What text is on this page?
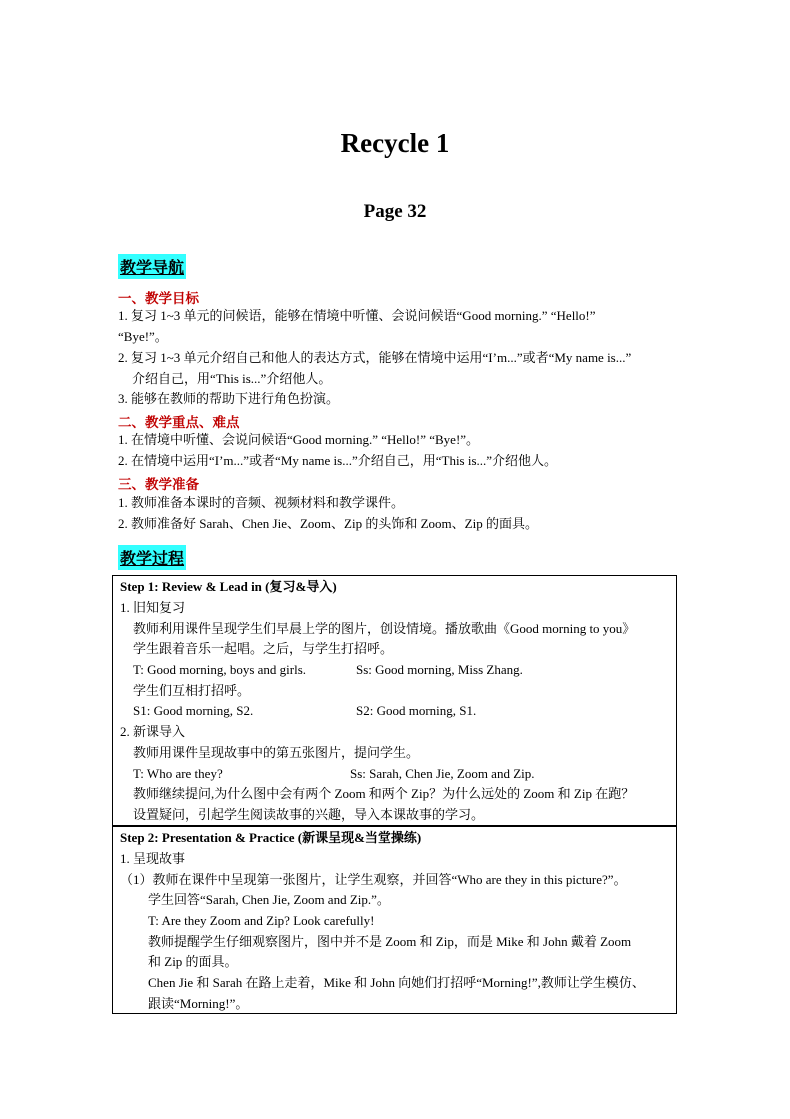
Recycle 1
Page 32
教学导航
一、教学目标
1. 复习 1~3 单元的问候语，能够在情境中听懂、会说问候语“Good morning.” “Hello!”
“Bye!”。
2. 复习 1~3 单元介绍自己和他人的表达方式，能够在情境中运用“I’m...”或者“My name is...”
介绍自己，用“This is...”介绍他人。
3. 能够在教师的帮助下进行角色扮演。
二、教学重点、难点
1. 在情境中听懂、会说问候语“Good morning.” “Hello!” “Bye!”。
2. 在情境中运用“I’m...”或者“My name is...”介绍自己，用“This is...”介绍他人。
三、教学准备
1. 教师准备本课时的音频、视频材料和教学课件。
2. 教师准备好 Sarah、Chen Jie、Zoom、Zip 的头饰和 Zoom、Zip 的面具。
教学过程
Step 1: Review & Lead in (复习&导入)
1. 旧知复习
教师利用课件呈现学生们早晨上学的图片，创设情境。播放歌曲《Good morning to you》
学生跟着音乐一起唱。之后，与学生打招呼。
T: Good morning, boys and girls.	Ss: Good morning, Miss Zhang.
学生们互相打招呼。
S1: Good morning, S2.	S2: Good morning, S1.
2. 新课导入
教师用课件呈现故事中的第五张图片，提问学生。
T: Who are they?	Ss: Sarah, Chen Jie, Zoom and Zip.
教师继续提问,为什么图中会有两个 Zoom 和两个 Zip？为什么远处的 Zoom 和 Zip 在跑？
设置疑问，引起学生阅读故事的兴趣，导入本课故事的学习。
Step 2: Presentation & Practice (新课呈现&当堂操练)
1. 呈现故事
（1）教师在课件中呈现第一张图片，让学生观察，并回答“Who are they in this picture?”。
学生回答“Sarah, Chen Jie, Zoom and Zip.”。
T: Are they Zoom and Zip? Look carefully!
教师提醒学生仔细观察图片，图中并不是 Zoom 和 Zip，而是 Mike 和 John 戴着 Zoom
和 Zip 的面具。
Chen Jie 和 Sarah 在路上走着，Mike 和 John 向她们打招呼“Morning!”,教师让学生模仿、
跟读“Morning!”。
